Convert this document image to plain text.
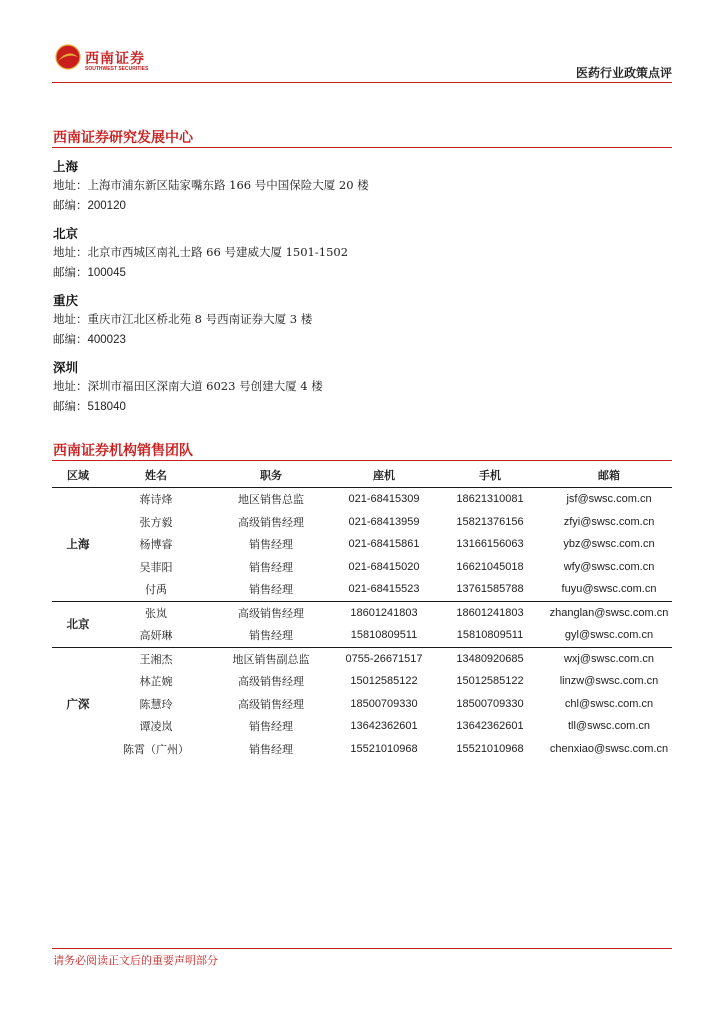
西南证券
SOUTHWEST SECURITIES	医药行业政策点评
西南证券研究发展中心
上海
地址：上海市浦东新区陆家嘴东路 166 号中国保险大厦 20 楼
邮编：200120
北京
地址：北京市西城区南礼士路 66 号建威大厦 1501-1502
邮编：100045
重庆
地址：重庆市江北区桥北苑 8 号西南证券大厦 3 楼
邮编：400023
深圳
地址：深圳市福田区深南大道 6023 号创建大厦 4 楼
邮编：518040
西南证券机构销售团队
区域	姓名	职务	座机	手机	邮箱
上海	蒋诗烽	地区销售总监	021-68415309	18621310081	jsf@swsc.com.cn
	张方毅	高级销售经理	021-68413959	15821376156	zfyi@swsc.com.cn
	杨博睿	销售经理	021-68415861	13166156063	ybz@swsc.com.cn
	吴菲阳	销售经理	021-68415020	16621045018	wfy@swsc.com.cn
	付禹	销售经理	021-68415523	13761585788	fuyu@swsc.com.cn
北京	张岚	高级销售经理	18601241803	18601241803	zhanglan@swsc.com.cn
	高妍琳	销售经理	15810809511	15810809511	gyl@swsc.com.cn
广深	王湘杰	地区销售副总监	0755-26671517	13480920685	wxj@swsc.com.cn
	林芷婉	高级销售经理	15012585122	15012585122	linzw@swsc.com.cn
	陈慧玲	高级销售经理	18500709330	18500709330	chl@swsc.com.cn
	谭凌岚	销售经理	13642362601	13642362601	tll@swsc.com.cn
	陈霄（广州）	销售经理	15521010968	15521010968	chenxiao@swsc.com.cn
请务必阅读正文后的重要声明部分
